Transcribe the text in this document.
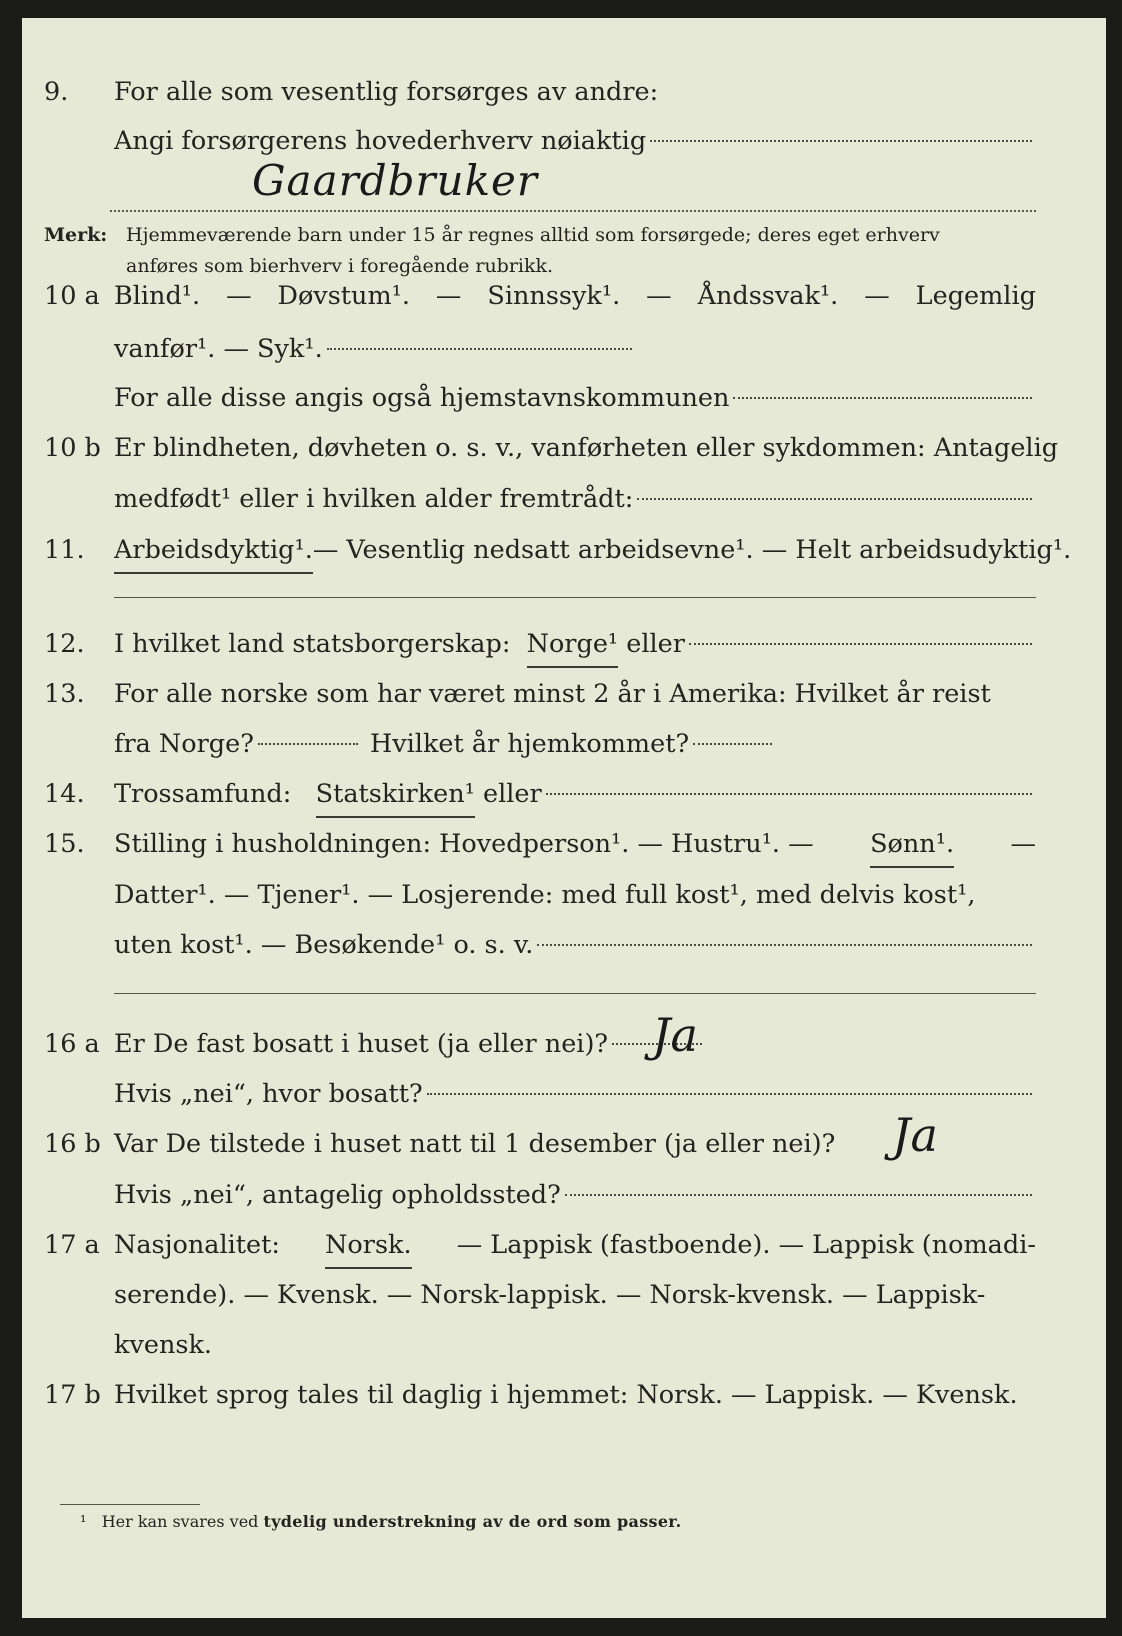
9. For alle som vesentlig forsørges av andre:
Angi forsørgerens hovederhverv nøiaktig
Gaardbruker
Merk: Hjemmeværende barn under 15 år regnes alltid som forsørgede; deres eget erhverv anføres som bierhverv i foregående rubrikk.
10 a Blind¹. — Døvstum¹. — Sinnssyk¹. — Åndssvak¹. — Legemlig
vanfør¹. — Syk¹.
For alle disse angis også hjemstavnskommunen
10 b Er blindheten, døvheten o. s. v., vanførheten eller sykdommen: Antagelig
medfødt¹ eller i hvilken alder fremtrådt:
11. Arbeidsdyktig¹. — Vesentlig nedsatt arbeidsevne¹. — Helt arbeidsudyktig¹.
12. I hvilket land statsborgerskap:
Norge¹
eller
13. For alle norske som har været minst 2 år i Amerika: Hvilket år reist
fra Norge?
	Hvilket år hjemkommet?
14. Trossamfund:
Statskirken¹
eller
15. Stilling i husholdningen: Hovedperson¹. — Hustru¹. — Sønn¹. —
Datter¹. — Tjener¹. — Losjerende: med full kost¹, med delvis kost¹,
uten kost¹. — Besøkende¹ o. s. v.
16 a Er De fast bosatt i huset (ja eller nei)? Ja
Hvis „nei“, hvor bosatt?
16 b Var De tilstede i huset natt til 1 desember (ja eller nei)? Ja
Hvis „nei“, antagelig opholdssted?
17 a Nasjonalitet: Norsk. — Lappisk (fastboende). — Lappisk (nomadi-
serende). — Kvensk. — Norsk-lappisk. — Norsk-kvensk. — Lappisk-
kvensk.
17 b Hvilket sprog tales til daglig i hjemmet: Norsk. — Lappisk. — Kvensk.
¹ Her kan svares ved tydelig understrekning av de ord som passer.
